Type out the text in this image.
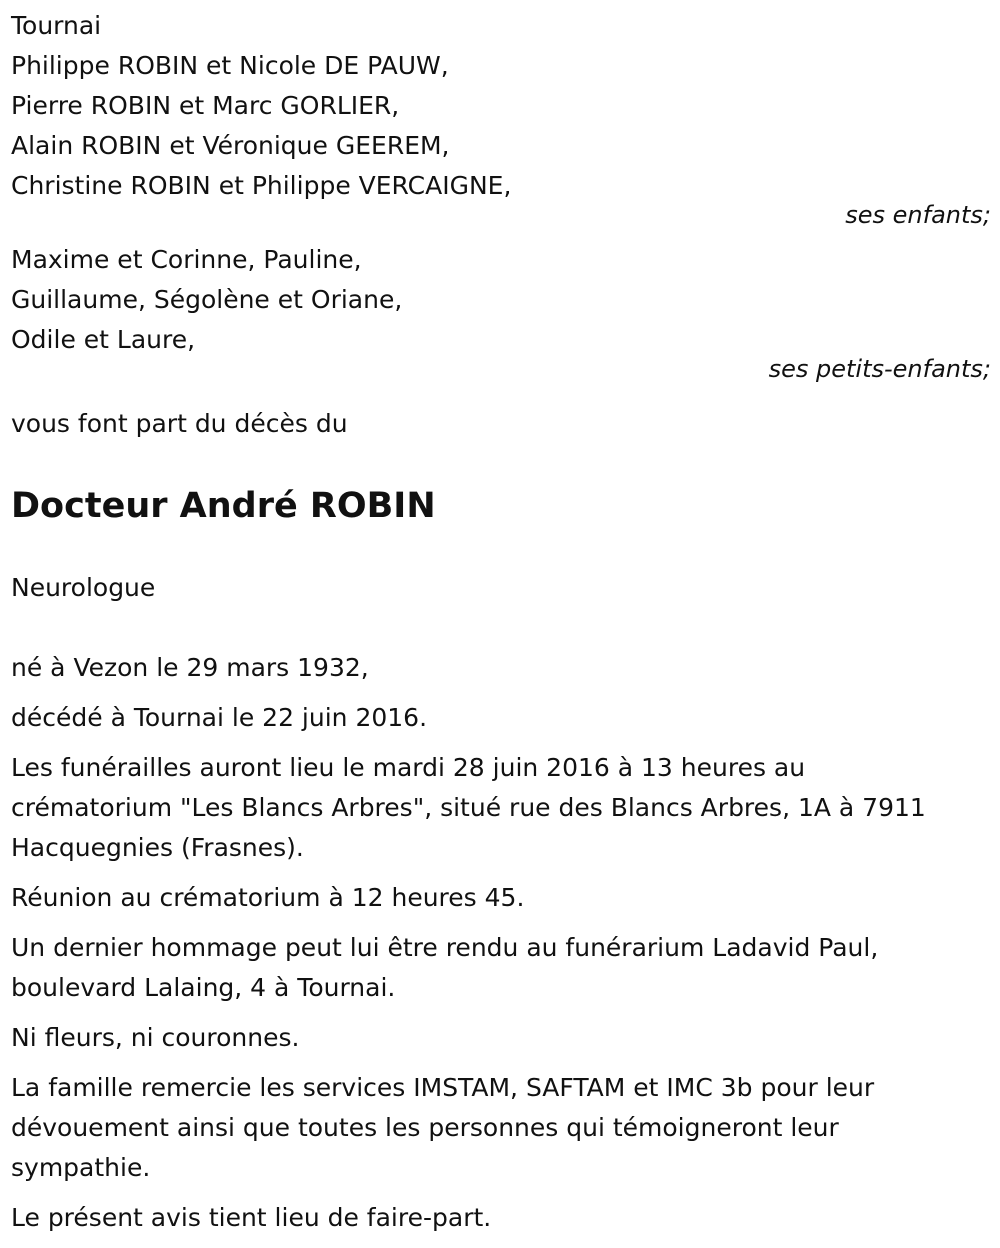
Tournai
Philippe ROBIN et Nicole DE PAUW,
Pierre ROBIN et Marc GORLIER,
Alain ROBIN et Véronique GEEREM,
Christine ROBIN et Philippe VERCAIGNE,
ses enfants;
Maxime et Corinne, Pauline,
Guillaume, Ségolène et Oriane,
Odile et Laure,
ses petits-enfants;
vous font part du décès du
Docteur André ROBIN
Neurologue
né à Vezon le 29 mars 1932,
décédé à Tournai le 22 juin 2016.
Les funérailles auront lieu le mardi 28 juin 2016 à 13 heures au
crématorium "Les Blancs Arbres", situé rue des Blancs Arbres, 1A à 7911
Hacquegnies (Frasnes).
Réunion au crématorium à 12 heures 45.
Un dernier hommage peut lui être rendu au funérarium Ladavid Paul,
boulevard Lalaing, 4 à Tournai.
Ni fleurs, ni couronnes.
La famille remercie les services IMSTAM, SAFTAM et IMC 3b pour leur
dévouement ainsi que toutes les personnes qui témoigneront leur
sympathie.
Le présent avis tient lieu de faire-part.
